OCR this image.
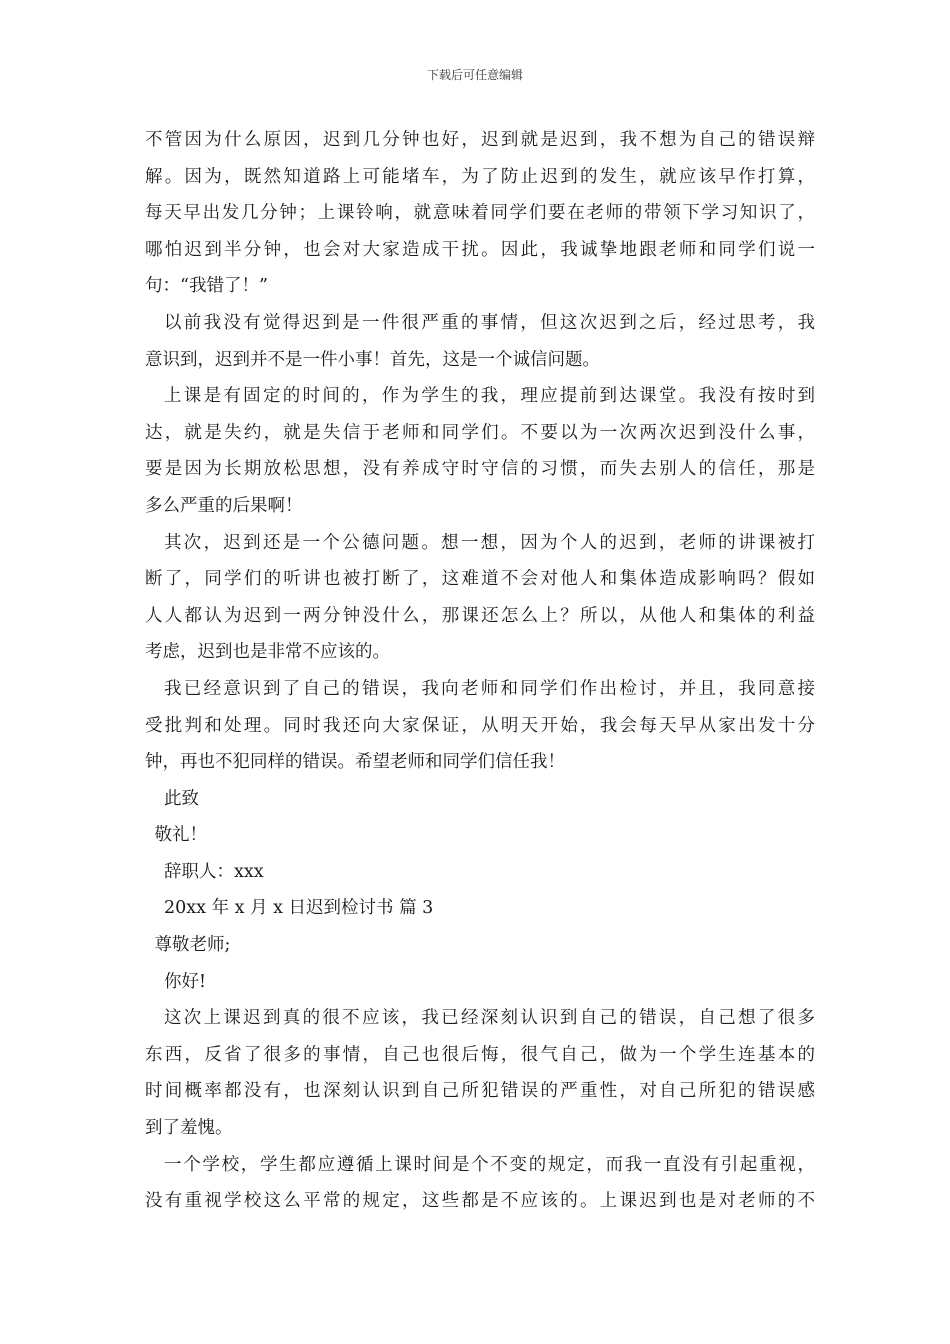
下载后可任意编辑
不管因为什么原因，迟到几分钟也好，迟到就是迟到，我不想为自己的错误辩
解。因为，既然知道路上可能堵车，为了防止迟到的发生，就应该早作打算，
每天早出发几分钟；上课铃响，就意味着同学们要在老师的带领下学习知识了，
哪怕迟到半分钟，也会对大家造成干扰。因此，我诚挚地跟老师和同学们说一
句：“我错了！”
以前我没有觉得迟到是一件很严重的事情，但这次迟到之后，经过思考，我
意识到，迟到并不是一件小事！首先，这是一个诚信问题。
上课是有固定的时间的，作为学生的我，理应提前到达课堂。我没有按时到
达，就是失约，就是失信于老师和同学们。不要以为一次两次迟到没什么事，
要是因为长期放松思想，没有养成守时守信的习惯，而失去别人的信任，那是
多么严重的后果啊！
其次，迟到还是一个公德问题。想一想，因为个人的迟到，老师的讲课被打
断了，同学们的听讲也被打断了，这难道不会对他人和集体造成影响吗？假如
人人都认为迟到一两分钟没什么，那课还怎么上？所以，从他人和集体的利益
考虑，迟到也是非常不应该的。
我已经意识到了自己的错误，我向老师和同学们作出检讨，并且，我同意接
受批判和处理。同时我还向大家保证，从明天开始，我会每天早从家出发十分
钟，再也不犯同样的错误。希望老师和同学们信任我！
此致
敬礼！
辞职人：xxx
20xx 年 x 月 x 日迟到检讨书 篇 3
尊敬老师;
你好!
这次上课迟到真的很不应该，我已经深刻认识到自己的错误，自己想了很多
东西，反省了很多的事情，自己也很后悔，很气自己，做为一个学生连基本的
时间概率都没有，也深刻认识到自己所犯错误的严重性，对自己所犯的错误感
到了羞愧。
一个学校，学生都应遵循上课时间是个不变的规定，而我一直没有引起重视，
没有重视学校这么平常的规定，这些都是不应该的。上课迟到也是对老师的不
